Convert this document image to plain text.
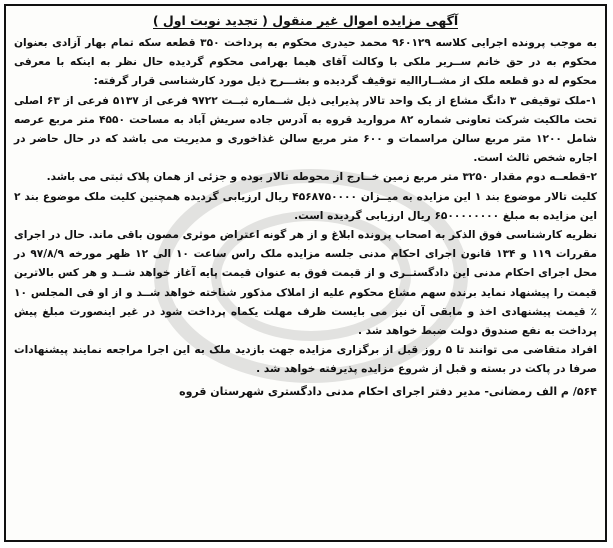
آگهی مزایده اموال غیر منقول ( تجدید نوبت اول )

به موجب پرونده اجرایی کلاسه ۹۶۰۱۲۹ محمد حیدری محکوم به پرداخت ۳۵۰ قطعه سکه تمام بهار آزادی بعنوان محکوم به در حق خانم ســریر ملکی با وکالت آقای هیما بهرامی محکوم گردیده حال نظر به اینکه با معرفی محکوم له دو قطعه ملک از مشــاراالیه توقیف گردیده و بشـــرح ذیل مورد کارشناسی قرار گرفته:

۱-ملک توقیفی ۳ دانگ مشاع از یک واحد تالار پذیرایی ذیل شــماره ثبــت ۹۷۲۲ فرعی از ۵۱۳۷ فرعی از ۶۳ اصلی تحت مالکیت شرکت تعاونی شماره ۸۲ مروارید قروه به آدرس جاده سریش آباد به مساحت ۴۵۵۰ متر مربع عرصه شامل ۱۲۰۰ متر مربع سالن مراسمات و ۶۰۰ متر مربع سالن غذاخوری و مدیریت می باشد که در حال حاضر در اجاره شخص ثالث است.

۲-قطعــه دوم مقدار ۳۲۵۰ متر مربع زمین خــارج از محوطه تالار بوده و جزئی از همان پلاک ثبتی می باشد.

کلیت تالار موضوع بند ۱ این مزایده به میــزان ۴۵۶۸۷۵۰۰۰۰ ریال ارزیابی گردیده همچنین کلیت ملک موضوع بند ۲ این مزایده به مبلغ ۶۵۰۰۰۰۰۰۰۰ ریال ارزیابی گردیده است.

نظریه کارشناسی فوق الذکر به اصحاب پرونده ابلاغ و از هر گونه اعتراض موثری مصون باقی ماند. حال در اجرای مقررات ۱۱۹ و ۱۳۴ قانون اجرای احکام مدنی جلسه مزایده ملک راس ساعت ۱۰ الی ۱۲ ظهر مورخه ۹۷/۸/۹ در محل اجرای احکام مدنی این دادگستــری و از قیمت فوق به عنوان قیمت پایه آغاز خواهد شــد و هر کس بالاترین قیمت را پیشنهاد نماید برنده سهم مشاع محکوم علیه از املاک مذکور شناخته خواهد شــد و از او فی المجلس ۱۰ ٪ قیمت پیشنهادی اخذ و مابقی آن نیز می بایست ظرف مهلت یکماه پرداخت شود در غیر اینصورت مبلغ پیش پرداخت به نفع صندوق دولت ضبط خواهد شد .

افراد متقاضی می توانند تا ۵ روز قبل از برگزاری مزایده جهت بازدید ملک به این اجرا مراجعه نمایند پیشنهادات صرفا در پاکت در بسته و قبل از شروع مزایده پذیرفته خواهد شد .

۵۶۴/ م الف رمضانی- مدیر دفتر اجرای احکام مدنی دادگستری شهرستان قروه
